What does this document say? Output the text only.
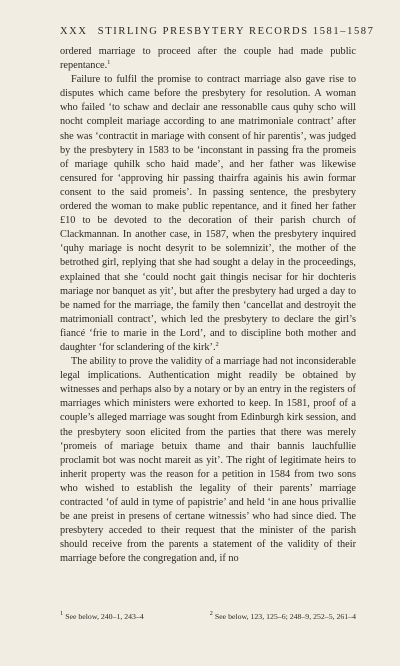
XXX STIRLING PRESBYTERY RECORDS 1581–1587

ordered marriage to proceed after the couple had made public repentance.$^1$

Failure to fulfil the promise to contract marriage also gave rise to disputes which came before the presbytery for resolution. A woman who failed ‘to schaw and declair ane ressonablle caus quhy scho will nocht compleit mariage according to ane matrimoniale contract’ after she was ‘contractit in mariage with consent of hir parentis’, was judged by the presbytery in 1583 to be ‘inconstant in passing fra the promeis of mariage quhilk scho haid made’, and her father was likewise censured for ‘approving hir passing thairfra againis his awin formar consent to the said promeis’. In passing sentence, the presbytery ordered the woman to make public repentance, and it fined her father £10 to be devoted to the decoration of their parish church of Clackmannan. In another case, in 1587, when the presbytery inquired ‘quhy mariage is nocht desyrit to be solemnizit’, the mother of the betrothed girl, replying that she had sought a delay in the proceedings, explained that she ‘could nocht gait thingis necisar for hir dochteris mariage nor banquet as yit’, but after the presbytery had urged a day to be named for the marriage, the family then ‘cancellat and destroyit the matrimoniall contract’, which led the presbytery to declare the girl’s fiancé ‘frie to marie in the Lord’, and to discipline both mother and daughter ‘for sclandering of the kirk’.$^2$

The ability to prove the validity of a marriage had not inconsiderable legal implications. Authentication might readily be obtained by witnesses and perhaps also by a notary or by an entry in the registers of marriages which ministers were exhorted to keep. In 1581, proof of a couple’s alleged marriage was sought from Edinburgh kirk session, and the presbytery soon elicited from the parties that there was merely ‘promeis of mariage betuix thame and thair bannis lauchfullie proclamit bot was nocht mareit as yit’. The right of legitimate heirs to inherit property was the reason for a petition in 1584 from two sons who wished to establish the legality of their parents’ marriage contracted ‘of auld in tyme of papistrie’ and held ‘in ane hous privallie be ane preist in presens of certane witnessis’ who had since died. The presbytery acceded to their request that the minister of the parish should receive from the parents a statement of the validity of their marriage before the congregation and, if no

$^1$ See below, 240–1, 243–4	$^2$ See below, 123, 125–6; 248–9, 252–5, 261–4
